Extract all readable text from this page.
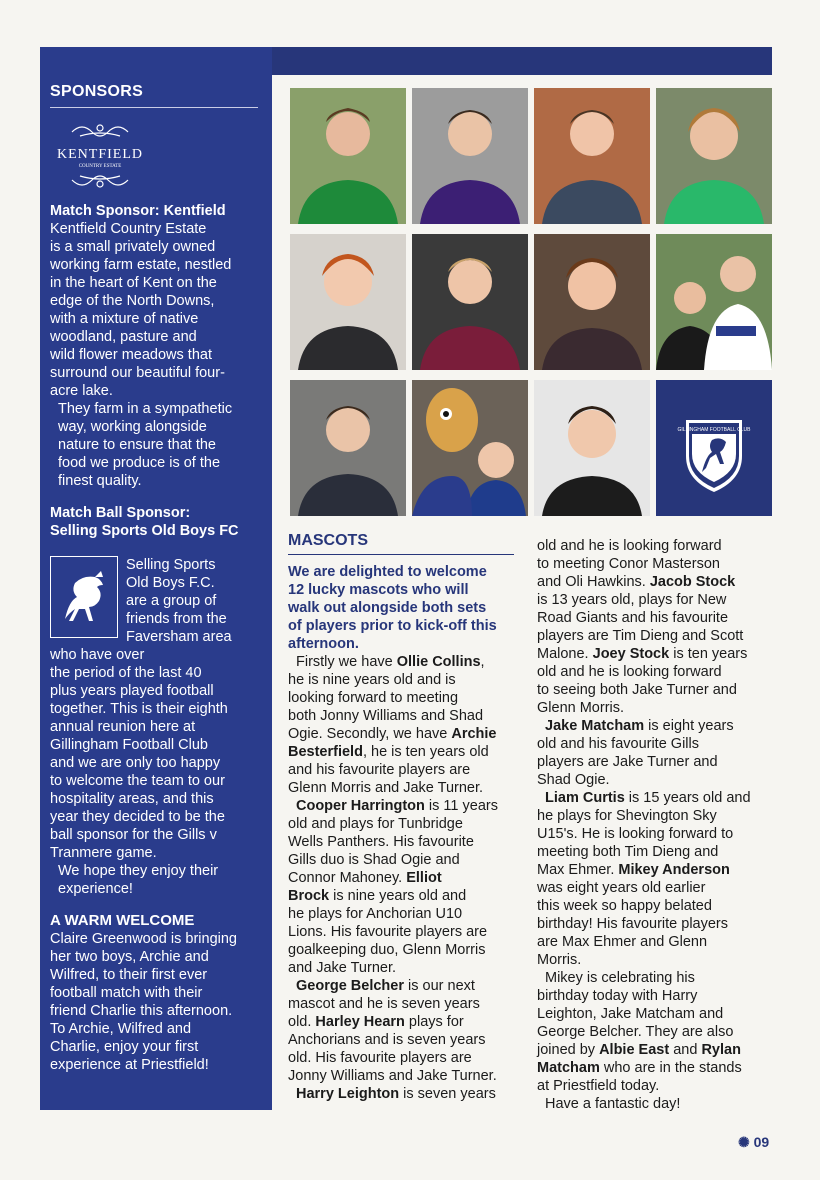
SPONSORS
KENTFIELD
COUNTRY ESTATE
Match Sponsor: Kentfield
Kentfield Country Estate
is a small privately owned
working farm estate, nestled
in the heart of Kent on the
edge of the North Downs,
with a mixture of native
woodland, pasture and
wild flower meadows that
surround our beautiful four-
acre lake.
They farm in a sympathetic
way, working alongside
nature to ensure that the
food we produce is of the
finest quality.
Match Ball Sponsor:
Selling Sports Old Boys FC
Selling Sports
Old Boys F.C.
are a group of
friends from the
Faversham area
who have over
the period of the last 40
plus years played football
together. This is their eighth
annual reunion here at
Gillingham Football Club
and we are only too happy
to welcome the team to our
hospitality areas, and this
year they decided to be the
ball sponsor for the Gills v
Tranmere game.
We hope they enjoy their
experience!
A WARM WELCOME
Claire Greenwood is bringing
her two boys, Archie and
Wilfred, to their first ever
football match with their
friend Charlie this afternoon.
To Archie, Wilfred and
Charlie, enjoy your first
experience at Priestfield!
GILLINGHAM FOOTBALL CLUB
MASCOTS
We are delighted to welcome
12 lucky mascots who will
walk out alongside both sets
of players prior to kick-off this
afternoon.
Firstly we have Ollie Collins,
he is nine years old and is
looking forward to meeting
both Jonny Williams and Shad
Ogie. Secondly, we have Archie
Besterfield, he is ten years old
and his favourite players are
Glenn Morris and Jake Turner.
Cooper Harrington is 11 years
old and plays for Tunbridge
Wells Panthers. His favourite
Gills duo is Shad Ogie and
Connor Mahoney. Elliot
Brock is nine years old and
he plays for Anchorian U10
Lions. His favourite players are
goalkeeping duo, Glenn Morris
and Jake Turner.
George Belcher is our next
mascot and he is seven years
old. Harley Hearn plays for
Anchorians and is seven years
old. His favourite players are
Jonny Williams and Jake Turner.
Harry Leighton is seven years
old and he is looking forward
to meeting Conor Masterson
and Oli Hawkins. Jacob Stock
is 13 years old, plays for New
Road Giants and his favourite
players are Tim Dieng and Scott
Malone. Joey Stock is ten years
old and he is looking forward
to seeing both Jake Turner and
Glenn Morris.
Jake Matcham is eight years
old and his favourite Gills
players are Jake Turner and
Shad Ogie.
Liam Curtis is 15 years old and
he plays for Shevington Sky
U15's. He is looking forward to
meeting both Tim Dieng and
Max Ehmer. Mikey Anderson
was eight years old earlier
this week so happy belated
birthday! His favourite players
are Max Ehmer and Glenn
Morris.
Mikey is celebrating his
birthday today with Harry
Leighton, Jake Matcham and
George Belcher. They are also
joined by Albie East and Rylan
Matcham who are in the stands
at Priestfield today.
Have a fantastic day!
✺ 09
